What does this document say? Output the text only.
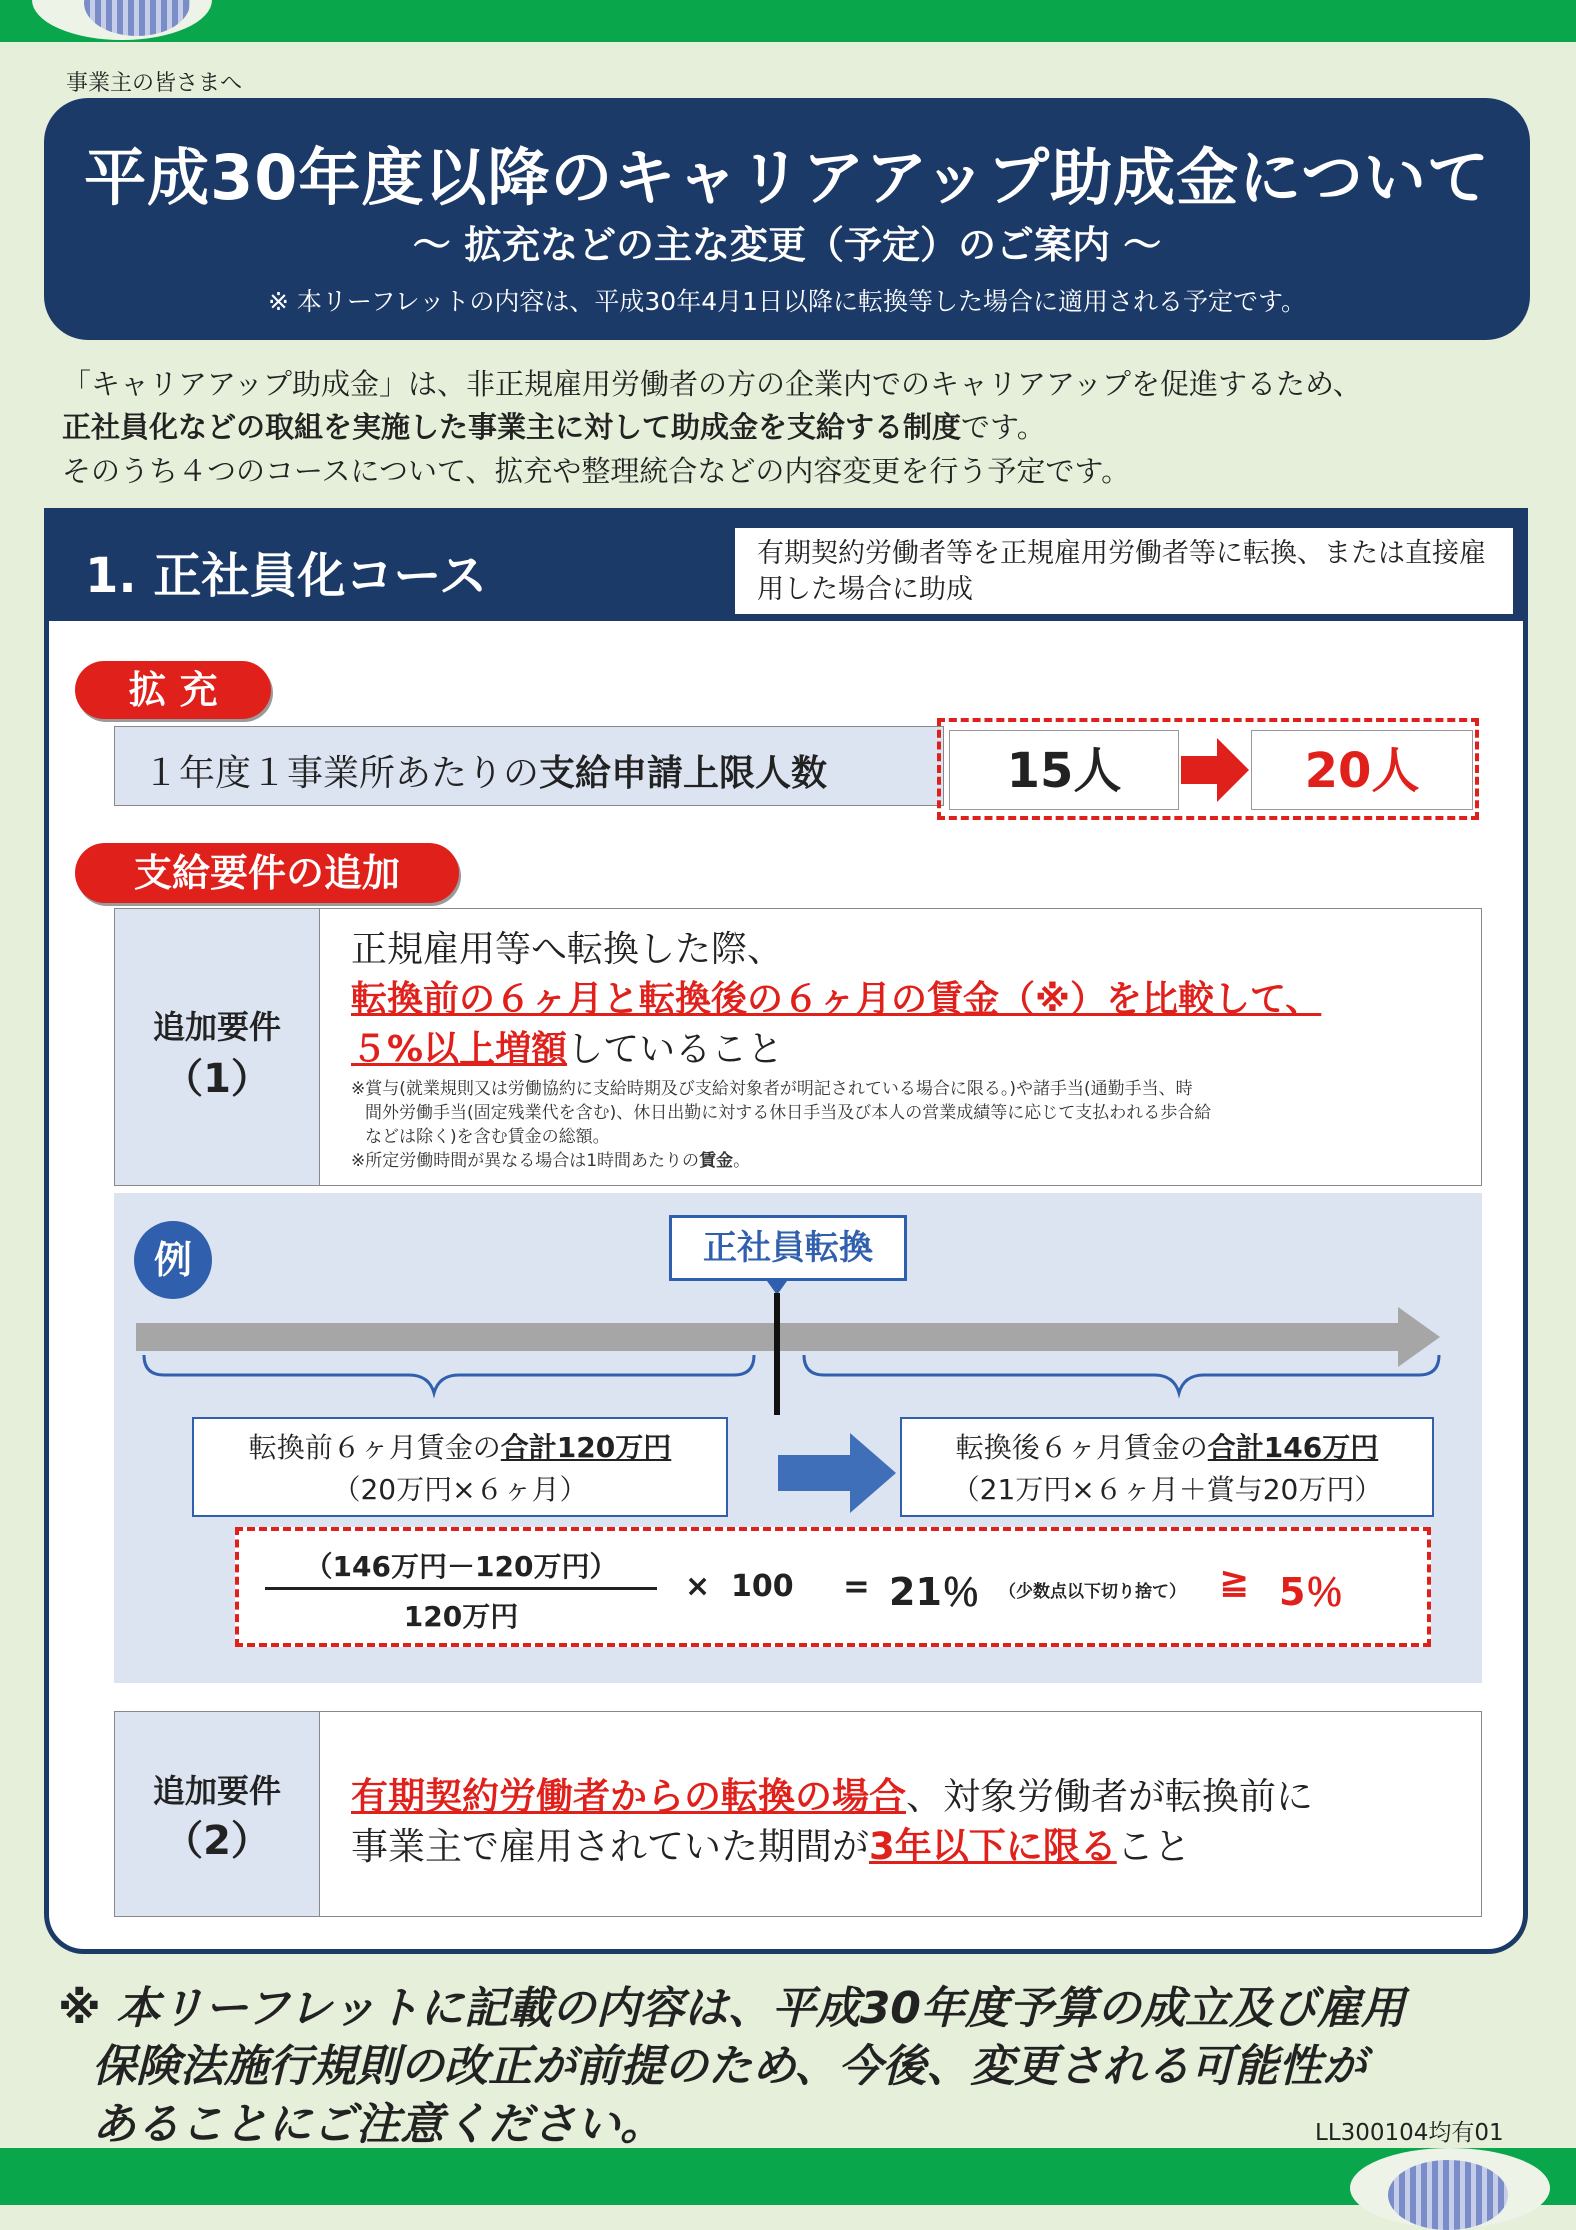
事業主の皆さまへ
平成30年度以降のキャリアアップ助成金について
～ 拡充などの主な変更（予定）のご案内 ～
※ 本リーフレットの内容は、平成30年4月1日以降に転換等した場合に適用される予定です。
「キャリアアップ助成金」は、非正規雇用労働者の方の企業内でのキャリアアップを促進するため、
正社員化などの取組を実施した事業主に対して助成金を支給する制度です。
そのうち４つのコースについて、拡充や整理統合などの内容変更を行う予定です。
1. 正社員化コース	有期契約労働者等を正規雇用労働者等に転換、または直接雇用した場合に助成
拡 充
１年度１事業所あたりの支給申請上限人数	15人	20人
支給要件の追加
追加要件
（1）
正規雇用等へ転換した際、
転換前の６ヶ月と転換後の６ヶ月の賃金（※）を比較して、
５%以上増額していること
※賞与(就業規則又は労働協約に支給時期及び支給対象者が明記されている場合に限る。)や諸手当(通勤手当、時
間外労働手当(固定残業代を含む)、休日出勤に対する休日手当及び本人の営業成績等に応じて支払われる歩合給
などは除く)を含む賃金の総額。
※所定労働時間が異なる場合は1時間あたりの賃金。
例	正社員転換
転換前６ヶ月賃金の合計120万円
（20万円×６ヶ月）
転換後６ヶ月賃金の合計146万円
（21万円×６ヶ月＋賞与20万円）
（146万円－120万円）
120万円
×  100 = 21％ （少数点以下切り捨て） ≧ 5％
追加要件
（2）
有期契約労働者からの転換の場合、対象労働者が転換前に
事業主で雇用されていた期間が3年以下に限ること
※ 本リーフレットに記載の内容は、平成30年度予算の成立及び雇用
保険法施行規則の改正が前提のため、今後、変更される可能性が
あることにご注意ください。	LL300104均有01
